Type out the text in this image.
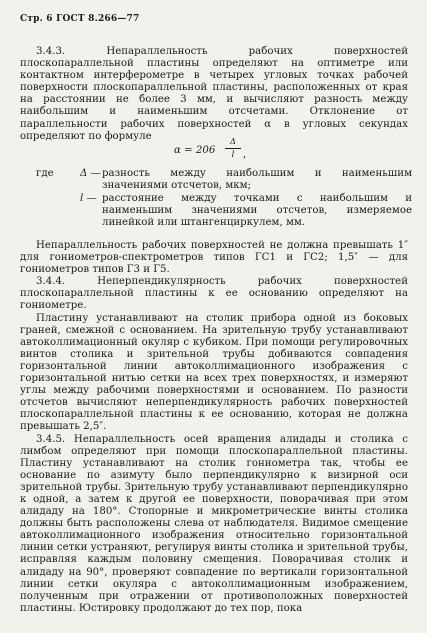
Стр. 6 ГОСТ 8.266—77
3.4.3. Непараллельность рабочих поверхностей плоскопараллельной пластины определяют на оптиметре или контактном интерферометре в четырех угловых точках рабочей поверхности плоскопараллельной пластины, расположенных от края на расстоянии не более 3 мм, и вычисляют разность между наибольшим и наименьшим отсчетами. Отклонение от параллельности рабочих поверхностей α в угловых секундах определяют по формуле
α = 206
Δ
l ,
где	Δ — разность между наибольшим и наименьшим значениями отсчетов, мкм;
l — расстояние между точками с наибольшим и наименьшим значениями отсчетов, измеряемое линейкой или штангенциркулем, мм.

Непараллельность рабочих поверхностей не должна превышать 1″ для гониометров-спектрометров типов ГС1 и ГС2; 1,5″ — для гониометров типов Г3 и Г5.

3.4.4. Неперпендикулярность рабочих поверхностей плоскопараллельной пластины к ее основанию определяют на гониометре.

Пластину устанавливают на столик прибора одной из боковых граней, смежной с основанием. На зрительную трубу устанавливают автоколлимационный окуляр с кубиком. При помощи регулировочных винтов столика и зрительной трубы добиваются совпадения горизонтальной линии автоколлимационного изображения с горизонтальной нитью сетки на всех трех поверхностях, и измеряют углы между рабочими поверхностями и основанием. По разности отсчетов вычисляют неперпендикулярность рабочих поверхностей плоскопараллельной пластины к ее основанию, которая не должна превышать 2,5″.

3.4.5. Непараллельность осей вращения алидады и столика с лимбом определяют при помощи плоскопараллельной пластины. Пластину устанавливают на столик гониометра так, чтобы ее основание по азимуту было перпендикулярно к визирной оси зрительной трубы. Зрительную трубу устанавливают перпендикулярно к одной, а затем к другой ее поверхности, поворачивая при этом алидаду на 180°. Стопорные и микрометрические винты столика должны быть расположены слева от наблюдателя. Видимое смещение автоколлимационного изображения относительно горизонтальной линии сетки устраняют, регулируя винты столика и зрительной трубы, исправляя каждым половину смещения. Поворачивая столик и алидаду на 90°, проверяют совпадение по вертикали горизонтальной линии сетки окуляра с автоколлимационным изображением, полученным при отражении от противоположных поверхностей пластины. Юстировку продолжают до тех пор, пока
